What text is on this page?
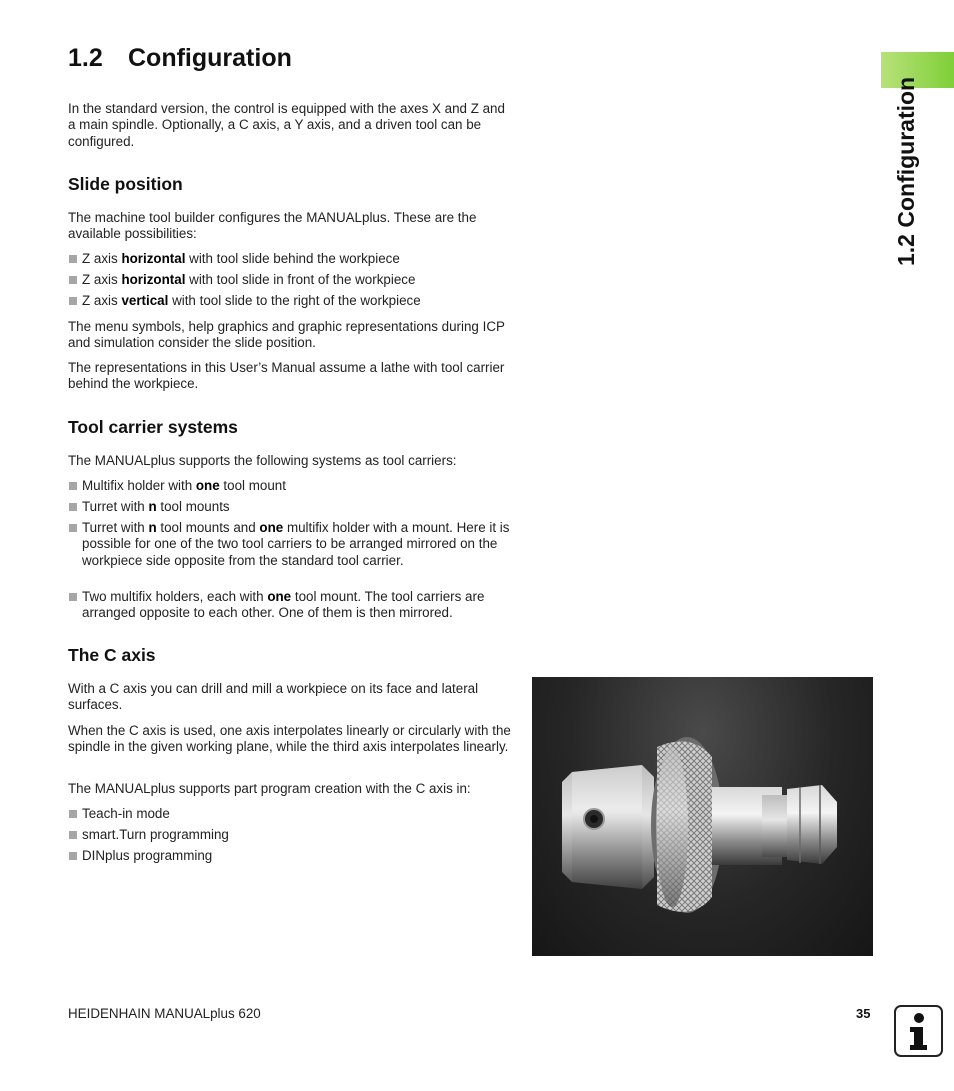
1.2 Configuration
1.2 Configuration

In the standard version, the control is equipped with the axes X and Z and a main spindle. Optionally, a C axis, a Y axis, and a driven tool can be configured.

Slide position

The machine tool builder configures the MANUALplus. These are the available possibilities:

Z axis horizontal with tool slide behind the workpiece
Z axis horizontal with tool slide in front of the workpiece
Z axis vertical with tool slide to the right of the workpiece

The menu symbols, help graphics and graphic representations during ICP and simulation consider the slide position.

The representations in this User’s Manual assume a lathe with tool carrier behind the workpiece.

Tool carrier systems

The MANUALplus supports the following systems as tool carriers:

Multifix holder with one tool mount
Turret with n tool mounts
Turret with n tool mounts and one multifix holder with a mount. Here it is possible for one of the two tool carriers to be arranged mirrored on the workpiece side opposite from the standard tool carrier.
Two multifix holders, each with one tool mount. The tool carriers are arranged opposite to each other. One of them is then mirrored.
The C axis

With a C axis you can drill and mill a workpiece on its face and lateral surfaces.

When the C axis is used, one axis interpolates linearly or circularly with the spindle in the given working plane, while the third axis interpolates linearly.

The MANUALplus supports part program creation with the C axis in:

Teach-in mode
smart.Turn programming
DINplus programming
HEIDENHAIN MANUALplus 620	35
